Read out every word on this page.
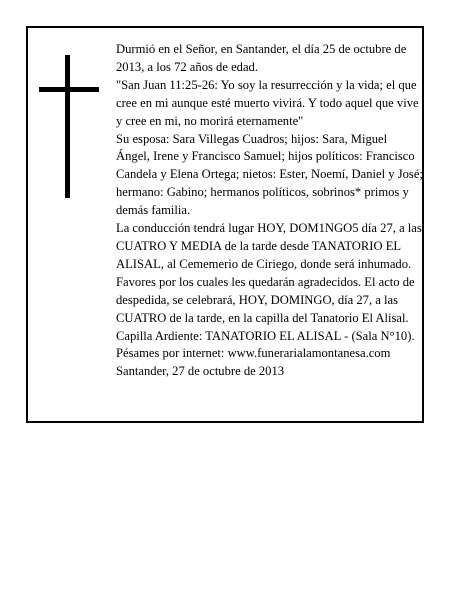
Durmió en el Señor, en Santander, el día 25 de octubre de 2013, a los 72 años de edad.

"San Juan 11:25-26: Yo soy la resurrección y la vida; el que cree en mi aunque esté muerto vivirá. Y todo aquel que vive y cree en mi, no morirá eternamente"

Su esposa: Sara Villegas Cuadros; hijos: Sara, Miguel Ángel, Irene y Francisco Samuel; hijos políticos: Francisco Candela y Elena Ortega; nietos: Ester, Noemí, Daniel y José; hermano: Gabino; hermanos políticos, sobrinos* primos y demás familia.

La conducción tendrá lugar HOY, DOM1NGO5 día 27, a las CUATRO Y MEDIA de la tarde desde TANATORIO EL ALISAL, al Cememerio de Ciriego, donde será inhumado. Favores por los cuales les quedarán agradecidos. El acto de despedida, se celebrará, HOY, DOMINGO, día 27, a las CUATRO de la tarde, en la capilla del Tanatorio El Alisal. Capilla Ardiente: TANATORIO EL ALISAL - (Sala N°10).

Pésames por internet: www.funerarialamontanesa.com

Santander, 27 de octubre de 2013
